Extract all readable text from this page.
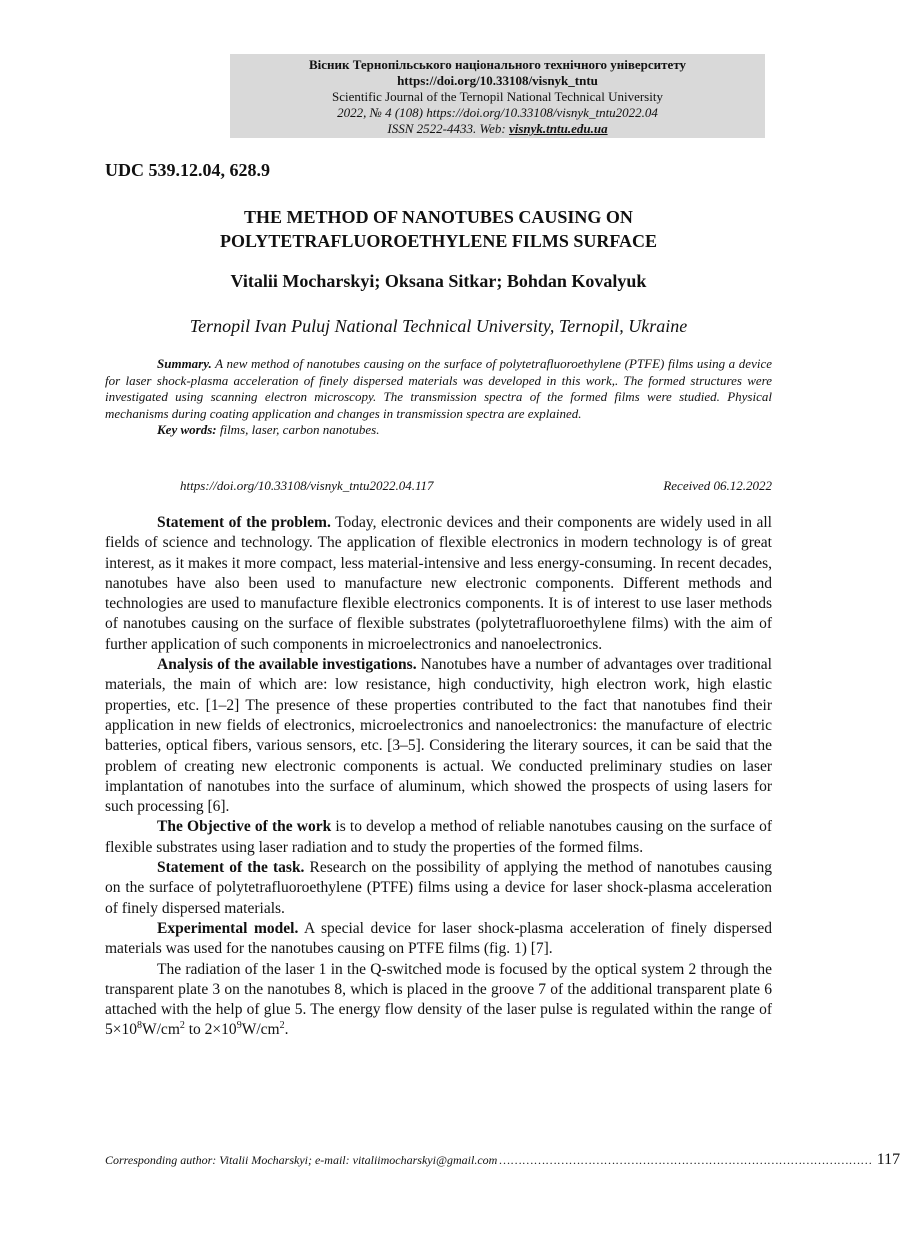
Вісник Тернопільського національного технічного університету
https://doi.org/10.33108/visnyk_tntu
Scientific Journal of the Ternopil National Technical University
2022, № 4 (108) https://doi.org/10.33108/visnyk_tntu2022.04
ISSN 2522-4433. Web: visnyk.tntu.edu.ua
UDC 539.12.04, 628.9
THE METHOD OF NANOTUBES CAUSING ON
POLYTETRAFLUOROETHYLENE FILMS SURFACE
Vitalii Mocharskyi; Oksana Sitkar; Bohdan Kovalyuk
Ternopil Ivan Puluj National Technical University, Ternopil, Ukraine

Summary. A new method of nanotubes causing on the surface of polytetrafluoroethylene (PTFE) films using a device for laser shock-plasma acceleration of finely dispersed materials was developed in this work,. The formed structures were investigated using scanning electron microscopy. The transmission spectra of the formed films were studied. Physical mechanisms during coating application and changes in transmission spectra are explained.

Key words: films, laser, carbon nanotubes.

https://doi.org/10.33108/visnyk_tntu2022.04.117	Received 06.12.2022

Statement of the problem. Today, electronic devices and their components are widely used in all fields of science and technology. The application of flexible electronics in modern technology is of great interest, as it makes it more compact, less material-intensive and less energy-consuming. In recent decades, nanotubes have also been used to manufacture new electronic components. Different methods and technologies are used to manufacture flexible electronics components. It is of interest to use laser methods of nanotubes causing on the surface of flexible substrates (polytetrafluoroethylene films) with the aim of further application of such components in microelectronics and nanoelectronics.

Analysis of the available investigations. Nanotubes have a number of advantages over traditional materials, the main of which are: low resistance, high conductivity, high electron work, high elastic properties, etc. [1–2] The presence of these properties contributed to the fact that nanotubes find their application in new fields of electronics, microelectronics and nanoelectronics: the manufacture of electric batteries, optical fibers, various sensors, etc. [3–5]. Considering the literary sources, it can be said that the problem of creating new electronic components is actual. We conducted preliminary studies on laser implantation of nanotubes into the surface of aluminum, which showed the prospects of using lasers for such processing [6].

The Objective of the work is to develop a method of reliable nanotubes causing on the surface of flexible substrates using laser radiation and to study the properties of the formed films.

Statement of the task. Research on the possibility of applying the method of nanotubes causing on the surface of polytetrafluoroethylene (PTFE) films using a device for laser shock-plasma acceleration of finely dispersed materials.

Experimental model. A special device for laser shock-plasma acceleration of finely dispersed materials was used for the nanotubes causing on PTFE films (fig. 1) [7].

The radiation of the laser 1 in the Q-switched mode is focused by the optical system 2 through the transparent plate 3 on the nanotubes 8, which is placed in the groove 7 of the additional transparent plate 6 attached with the help of glue 5. The energy flow density of the laser pulse is regulated within the range of $5\times 10^8W/cm^2$ to $2\times 10^9W/cm^2$.

Corresponding author: Vitalii Mocharskyi; e-mail: vitaliimocharskyi@gmail.com …………………………………………………………………………………… 117
